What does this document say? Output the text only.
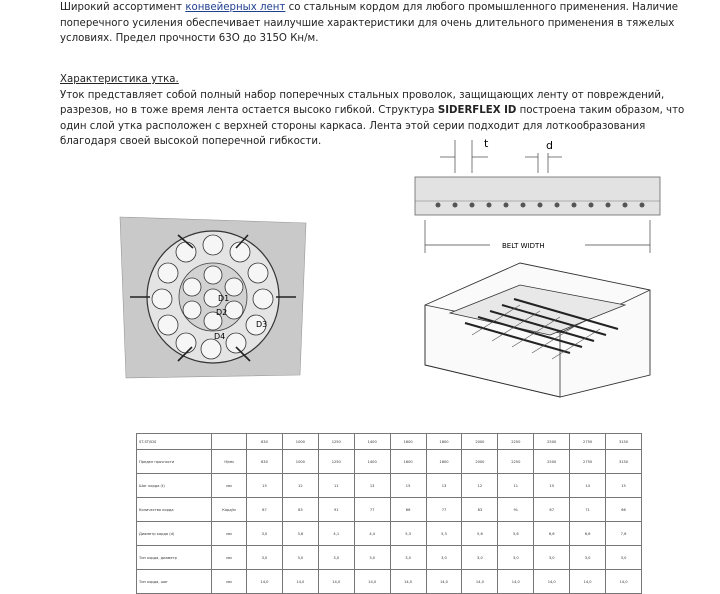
Широкий ассортимент конвейерных лент со стальным кордом для любого промышленного применения. Наличие поперечного усиления обеспечивает наилучшие характеристики для очень длительного применения в тяжелых условиях. Предел прочности 63О до 315О Кн/м.
Характеристика утка.
Уток представляет собой полный набор поперечных стальных проволок, защищающих ленту от повреждений, разрезов, но в тоже время лента остается высоко гибкой. Структура SIDERFLEX ID построена таким образом, что один слой утка расположен с верхней стороны каркаса. Лента этой серии подходит для лоткообразования благодаря своей высокой поперечной гибкости.
D1
D2
D3
D4
t	d
BELT WIDTH
ST-ST/IDS		630	1000	1250	1400	1600	1800	2000	2250	2500	2750	3150
Предел прочности	Н/мм	630	1000	1250	1400	1600	1800	2000	2250	2500	2750	3150
Шаг корда (t)	мм	15	12	11	13	15	13	12	11	15	14	15
Количество корда	Корд/м	67	83	91	77	66	77	83	91	67	71	66
Диаметр корда (d)	мм	3,0	3,6	4,1	4,4	5,3	5,3	5,6	5,6	6,6	6,6	7,6
Тип корда, диаметр	мм	3,0	3,0	3,0	3,0	3,0	3,0	3,0	3,0	3,0	3,0	3,0
Тип корда, шаг	мм	14,0	14,0	14,0	14,0	14,0	14,0	14,0	14,0	14,0	14,0	14,0
